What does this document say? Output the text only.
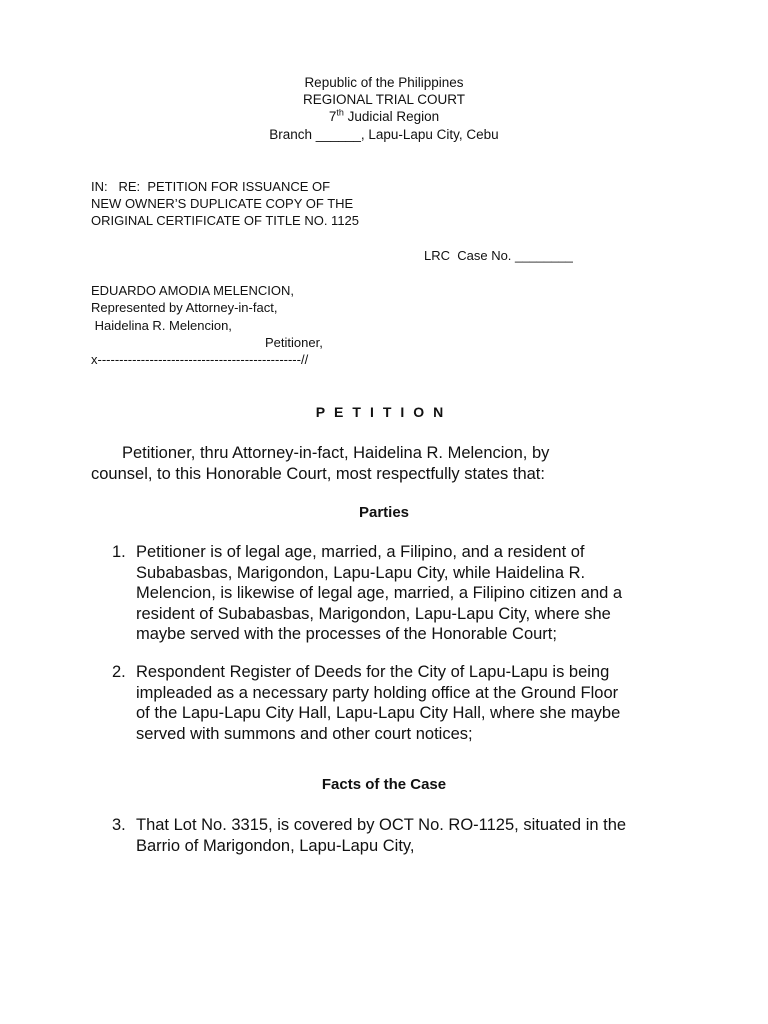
Republic of the Philippines
REGIONAL TRIAL COURT
7th Judicial Region
Branch ______, Lapu-Lapu City, Cebu
IN:   RE:  PETITION FOR ISSUANCE OF
NEW OWNER’S DUPLICATE COPY OF THE
ORIGINAL CERTIFICATE OF TITLE NO. 1125
LRC  Case No. ________
EDUARDO AMODIA MELENCION,
Represented by Attorney-in-fact,
Haidelina R. Melencion,
Petitioner,
x-----------------------------------------------//
PETITION
Petitioner, thru Attorney-in-fact, Haidelina R. Melencion, by
counsel, to this Honorable Court, most respectfully states that:
Parties
1. Petitioner is of legal age, married, a Filipino, and a resident of
Subabasbas, Marigondon, Lapu-Lapu City, while Haidelina R.
Melencion, is likewise of legal age, married, a Filipino citizen and a
resident of Subabasbas, Marigondon, Lapu-Lapu City, where she
maybe served with the processes of the Honorable Court;
2. Respondent Register of Deeds for the City of Lapu-Lapu is being
impleaded as a necessary party holding office at the Ground Floor
of the Lapu-Lapu City Hall, Lapu-Lapu City Hall, where she maybe
served with summons and other court notices;
Facts of the Case
3. That Lot No. 3315, is covered by OCT No. RO-1125, situated in the
Barrio of Marigondon, Lapu-Lapu City,
